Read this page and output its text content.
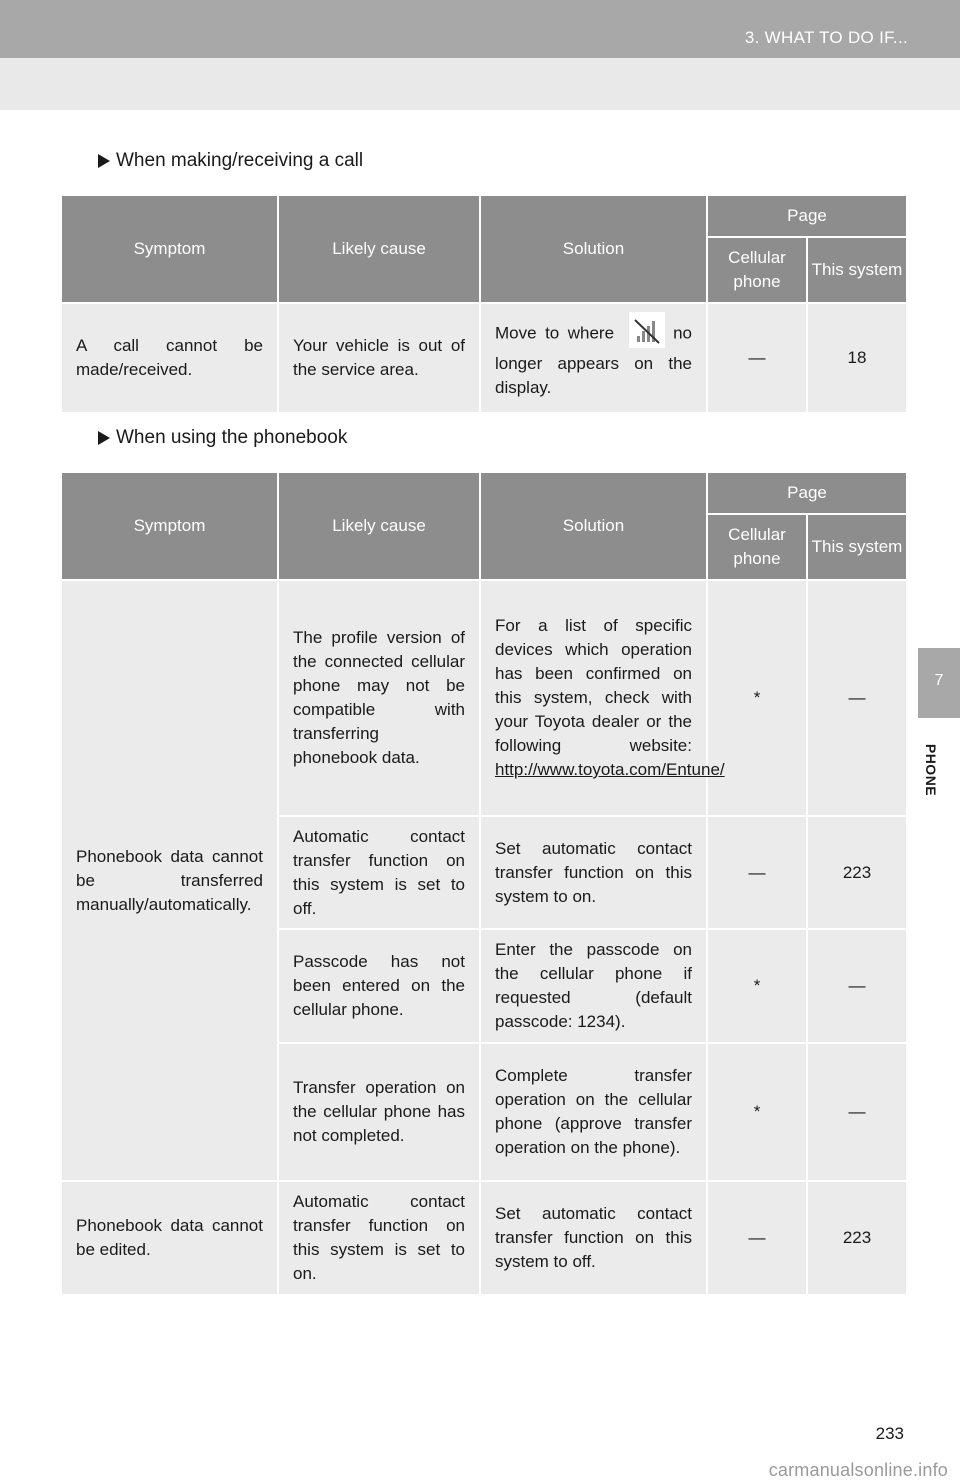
3. WHAT TO DO IF...
7
PHONE
When making/receiving a call
Symptom	Likely cause	Solution	Page	
			Cellular phone	This system
A call cannot be made/received.	Your vehicle is out of the service area.	Move to where no longer appears on the display.	—	18
When using the phonebook
Symptom	Likely cause	Solution	Page	
			Cellular phone	This system
Phonebook data cannot be transferred manually/automatically.	The profile version of the connected cellular phone may not be compatible with transferring phonebook data.	For a list of specific devices which operation has been confirmed on this system, check with your Toyota dealer or the following website: http://www.toyota.com/Entune/	*	—
	Automatic contact transfer function on this system is set to off.	Set automatic contact transfer function on this system to on.	—	223
	Passcode has not been entered on the cellular phone.	Enter the passcode on the cellular phone if requested (default passcode: 1234).	*	—
	Transfer operation on the cellular phone has not completed.	Complete transfer operation on the cellular phone (approve transfer operation on the phone).	*	—
Phonebook data cannot be edited.	Automatic contact transfer function on this system is set to on.	Set automatic contact transfer function on this system to off.	—	223
233
carmanualsonline.info
